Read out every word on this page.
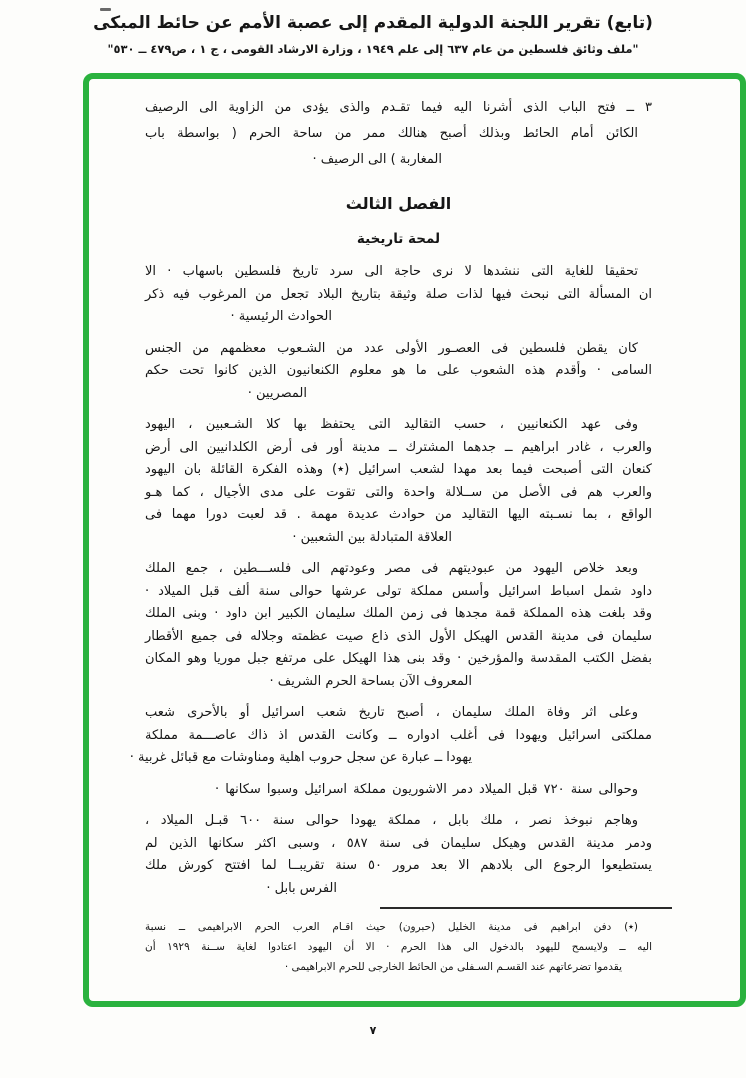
(تابع) تقرير اللجنة الدولية المقدم إلى عصبة الأمم عن حائط المبكى
"ملف وثائق فلسطين من عام ٦٣٧ إلى علم ١٩٤٩ ، وزارة الارشاد القومى ، ج ١ ، ص٤٧٩ ــ ٥٣٠"
٣ ــ فتح الباب الذى أشرنا اليه فيما تقـدم والذى يؤدى من الزاوية الى الرصيف
الكائن أمام الحائط وبذلك أصبح هنالك ممر من ساحة الحرم ( بواسطة باب
المغاربة ) الى الرصيف ·
الفصل الثالث
لمحة تاريخية
تحقيقا للغاية التى ننشدها لا نرى حاجة الى سرد تاريخ فلسطين باسهاب · الا
ان المسألة التى نبحث فيها لذات صلة وثيقة بتاريخ البلاد تجعل من المرغوب فيه ذكر
الحوادث الرئيسية ·
كان يقطن فلسطين فى العصـور الأولى عدد من الشـعوب معظمهم من الجنس
السامى · وأقدم هذه الشعوب على ما هو معلوم الكنعانيون الذين كانوا تحت حكم
المصريين ·
وفى عهد الكنعانيين ، حسب التقاليد التى يحتفظ بها كلا الشـعبين ، اليهود
والعرب ، غادر ابراهيم ــ جدهما المشترك ــ مدينة أور فى أرض الكلدانيين الى أرض
كنعان التى أصبحت فيما بعد مهدا لشعب اسرائيل (٭) وهذه الفكرة القائلة بان اليهود
والعرب هم فى الأصل من ســلالة واحدة والتى تقوت على مدى الأجيال ، كما هـو
الواقع ، بما نسـبته اليها التقاليد من حوادث عديدة مهمة . قد لعبت دورا مهما فى
العلاقة المتبادلة بين الشعبين ·
وبعد خلاص اليهود من عبوديتهم فى مصر وعودتهم الى فلســـطين ، جمع الملك
داود شمل اسباط اسرائيل وأسس مملكة تولى عرشها حوالى سنة ألف قبل الميلاد ·
وقد بلغت هذه المملكة قمة مجدها فى زمن الملك سليمان الكبير ابن داود · وبنى الملك
سليمان فى مدينة القدس الهيكل الأول الذى ذاع صيت عظمته وجلاله فى جميع الأقطار
بفضل الكتب المقدسة والمؤرخين · وقد بنى هذا الهيكل على مرتفع جبل موريا وهو المكان
المعروف الآن بساحة الحرم الشريف ·
وعلى اثر وفاة الملك سليمان ، أصبح تاريخ شعب اسرائيل أو بالأحرى شعب
مملكتى اسرائيل ويهودا فى أغلب ادواره ــ وكانت القدس اذ ذاك عاصـــمة مملكة
يهودا ــ عبارة عن سجل حروب اهلية ومناوشات مع قبائل غربية ·
وحوالى سنة ٧٢٠ قبل الميلاد دمر الاشوريون مملكة اسرائيل وسبوا سكانها ·
وهاجم نبوخذ نصر ، ملك بابل ، مملكة يهودا حوالى سنة ٦٠٠ قبـل الميلاد ،
ودمر مدينة القدس وهيكل سليمان فى سنة ٥٨٧ ، وسبى اكثر سكانها الذين لم
يستطيعوا الرجوع الى بلادهم الا بعد مرور ٥٠ سنة تقريبــا لما افتتح كورش ملك
الفرس بابل ·
(٭) دفن ابراهيم فى مدينة الخليل (حبرون) حيث اقـام العرب الحرم الابراهيمى ــ نسبة
اليه ــ ولايسمح لليهود بالدخول الى هذا الحرم · الا أن اليهود اعتادوا لغاية ســنة ١٩٢٩ أن
يقدموا تضرعاتهم عند القسـم السـفلى من الحائط الخارجى للحرم الابراهيمى ·
٧
